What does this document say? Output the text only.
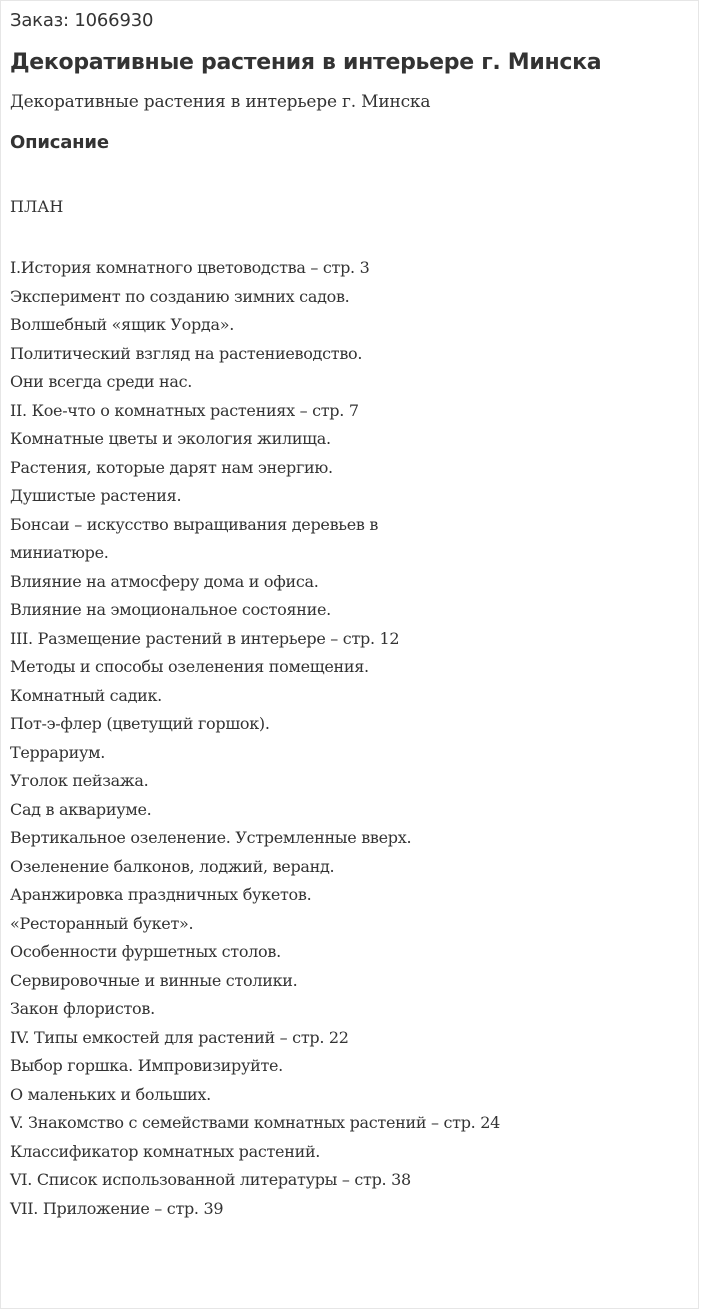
Заказ: 1066930
Декоративные растения в интерьере г. Минска
Декоративные растения в интерьере г. Минска
Описание
ПЛАН
I.История комнатного цветоводства – стр. 3
Эксперимент по созданию зимних садов.
Волшебный «ящик Уорда».
Политический взгляд на растениеводство.
Они всегда среди нас.
II. Кое-что о комнатных растениях – стр. 7
Комнатные цветы и экология жилища.
Растения, которые дарят нам энергию.
Душистые растения.
Бонсаи – искусство выращивания деревьев в
миниатюре.
Влияние на атмосферу дома и офиса.
Влияние на эмоциональное состояние.
III. Размещение растений в интерьере – стр. 12
Методы и способы озеленения помещения.
Комнатный садик.
Пот-э-флер (цветущий горшок).
Террариум.
Уголок пейзажа.
Сад в аквариуме.
Вертикальное озеленение. Устремленные вверх.
Озеленение балконов, лоджий, веранд.
Аранжировка праздничных букетов.
«Ресторанный букет».
Особенности фуршетных столов.
Сервировочные и винные столики.
Закон флористов.
IV. Типы емкостей для растений – стр. 22
Выбор горшка. Импровизируйте.
О маленьких и больших.
V. Знакомство с семействами комнатных растений – стр. 24
Классификатор комнатных растений.
VI. Список использованной литературы – стр. 38
VII. Приложение – стр. 39
